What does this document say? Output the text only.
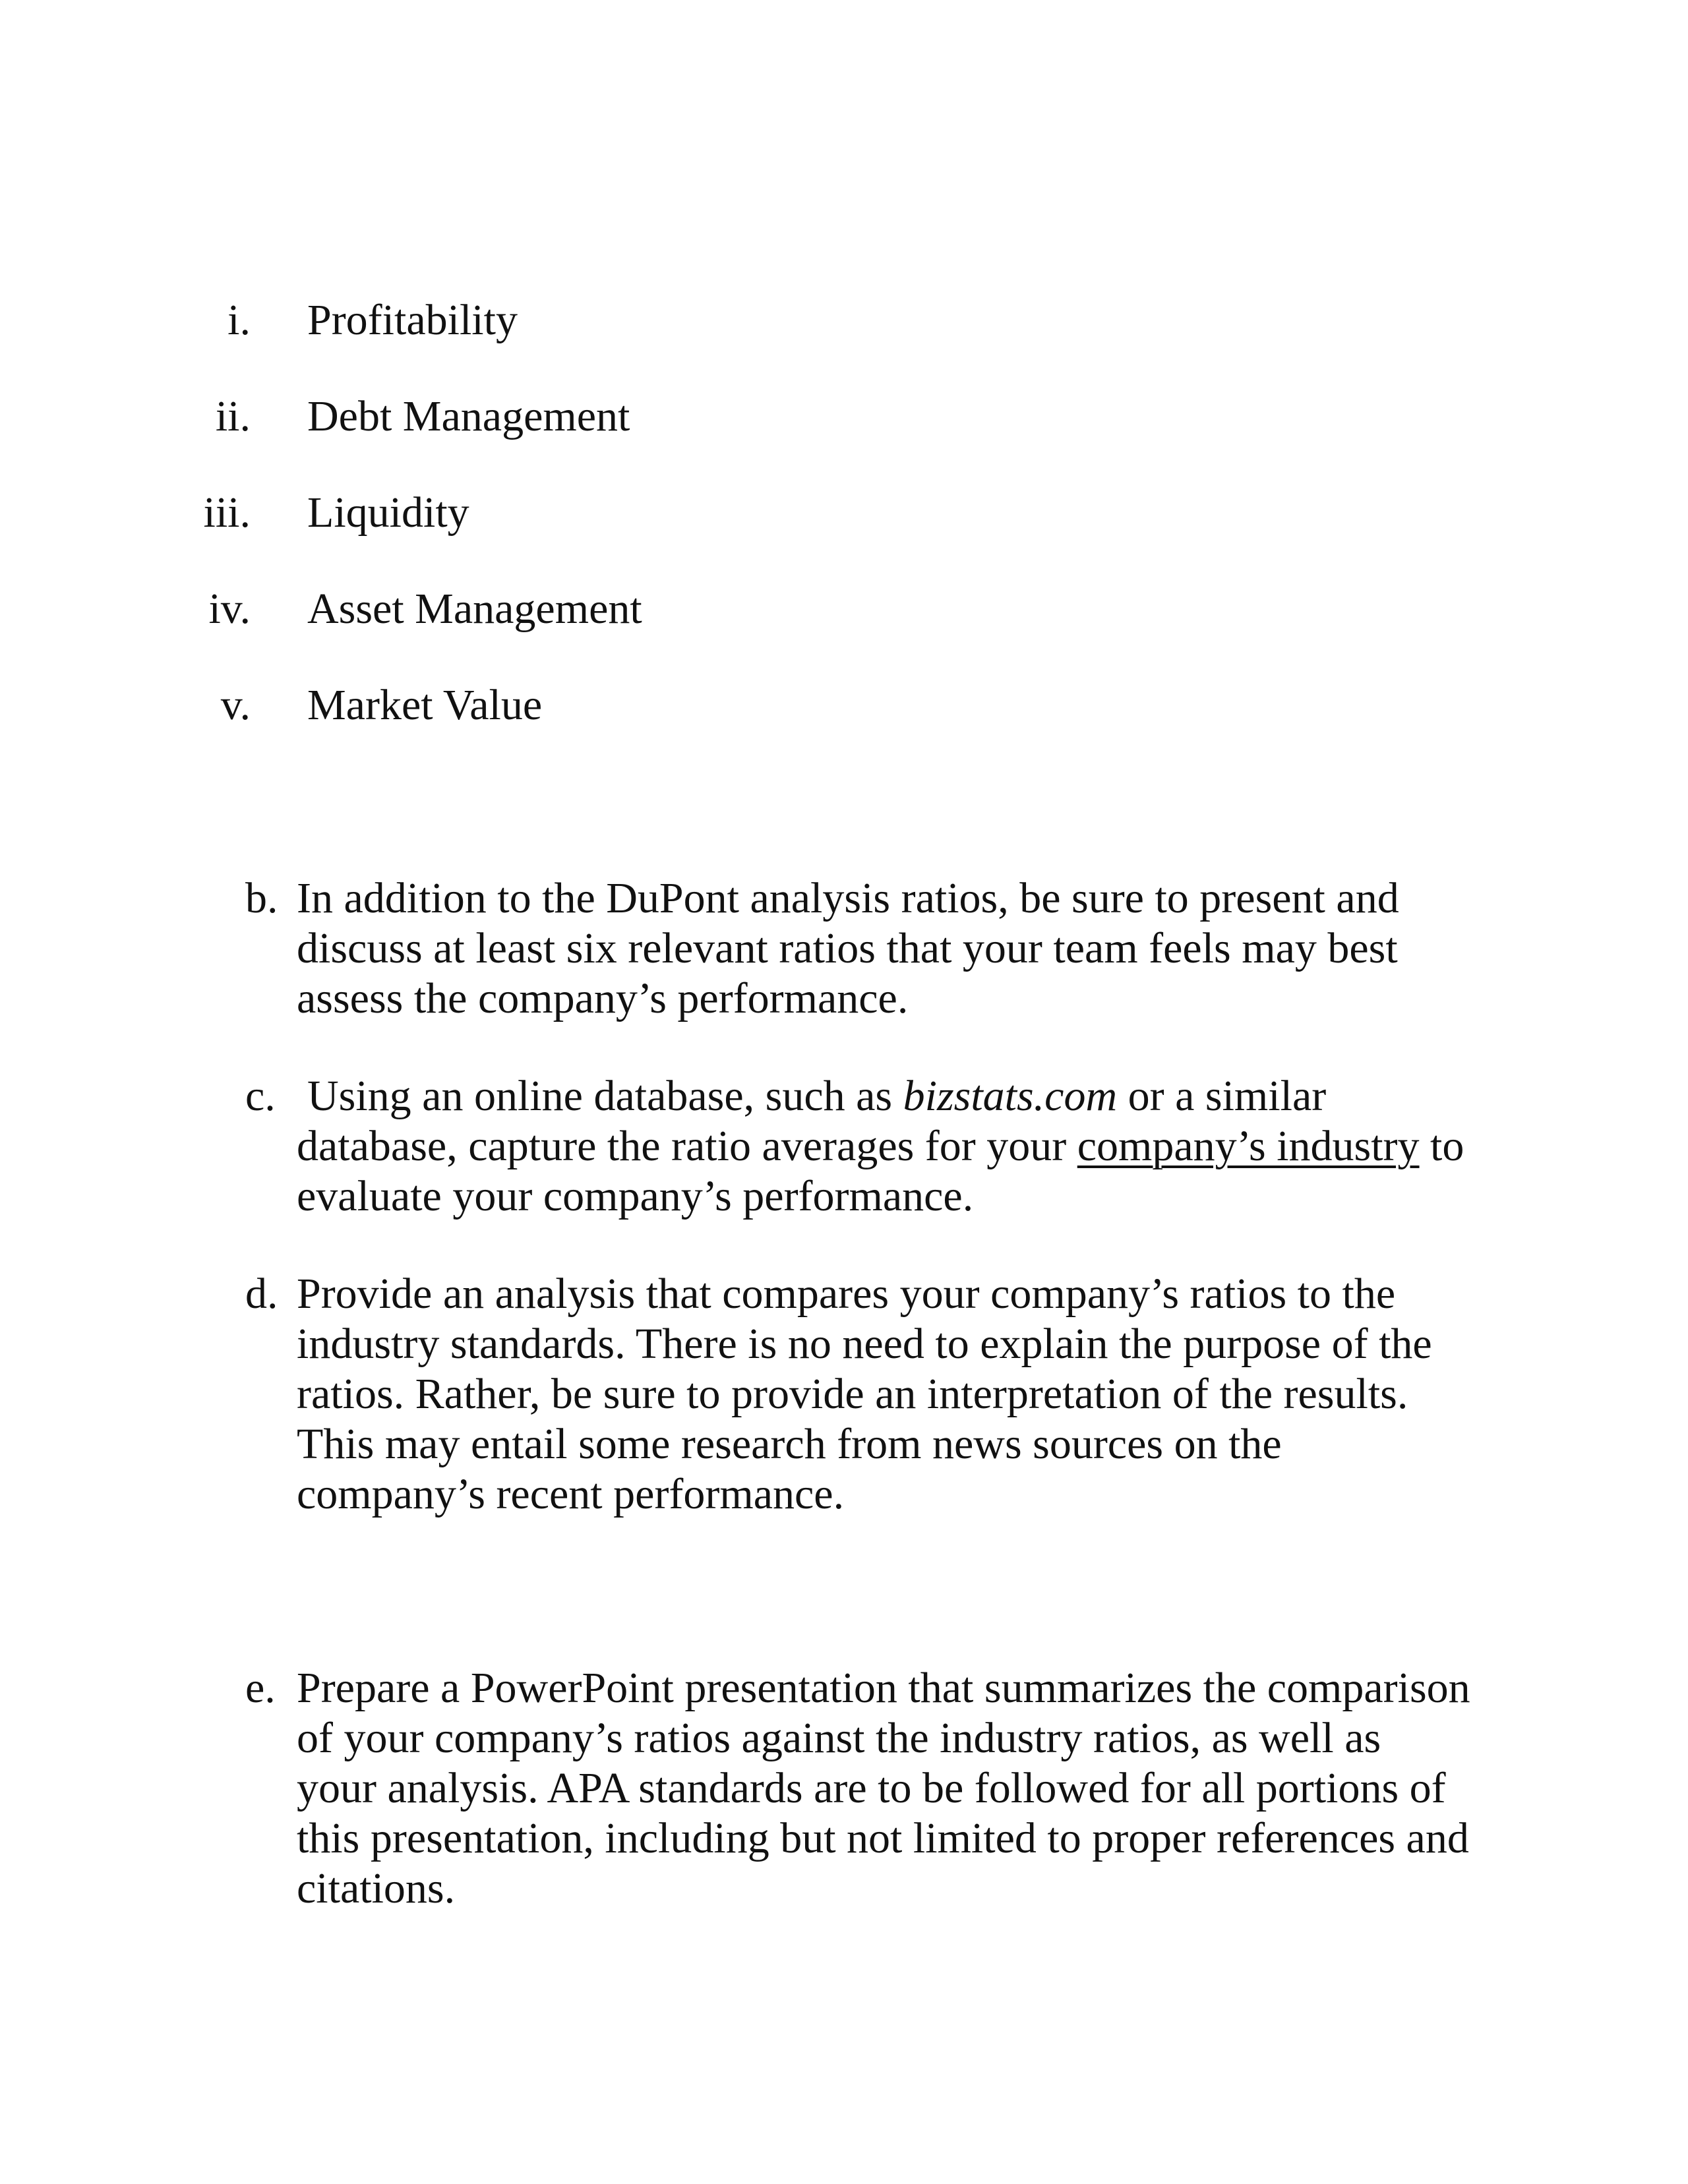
i. Profitability
ii. Debt Management
iii. Liquidity
iv. Asset Management
v. Market Value
b. In addition to the DuPont analysis ratios, be sure to present and
discuss at least six relevant ratios that your team feels may best
assess the company’s performance.
c. Using an online database, such as bizstats.com or a similar
database, capture the ratio averages for your company’s industry to
evaluate your company’s performance.
d. Provide an analysis that compares your company’s ratios to the
industry standards. There is no need to explain the purpose of the
ratios. Rather, be sure to provide an interpretation of the results.
This may entail some research from news sources on the
company’s recent performance.
e. Prepare a PowerPoint presentation that summarizes the comparison
of your company’s ratios against the industry ratios, as well as
your analysis. APA standards are to be followed for all portions of
this presentation, including but not limited to proper references and
citations.
